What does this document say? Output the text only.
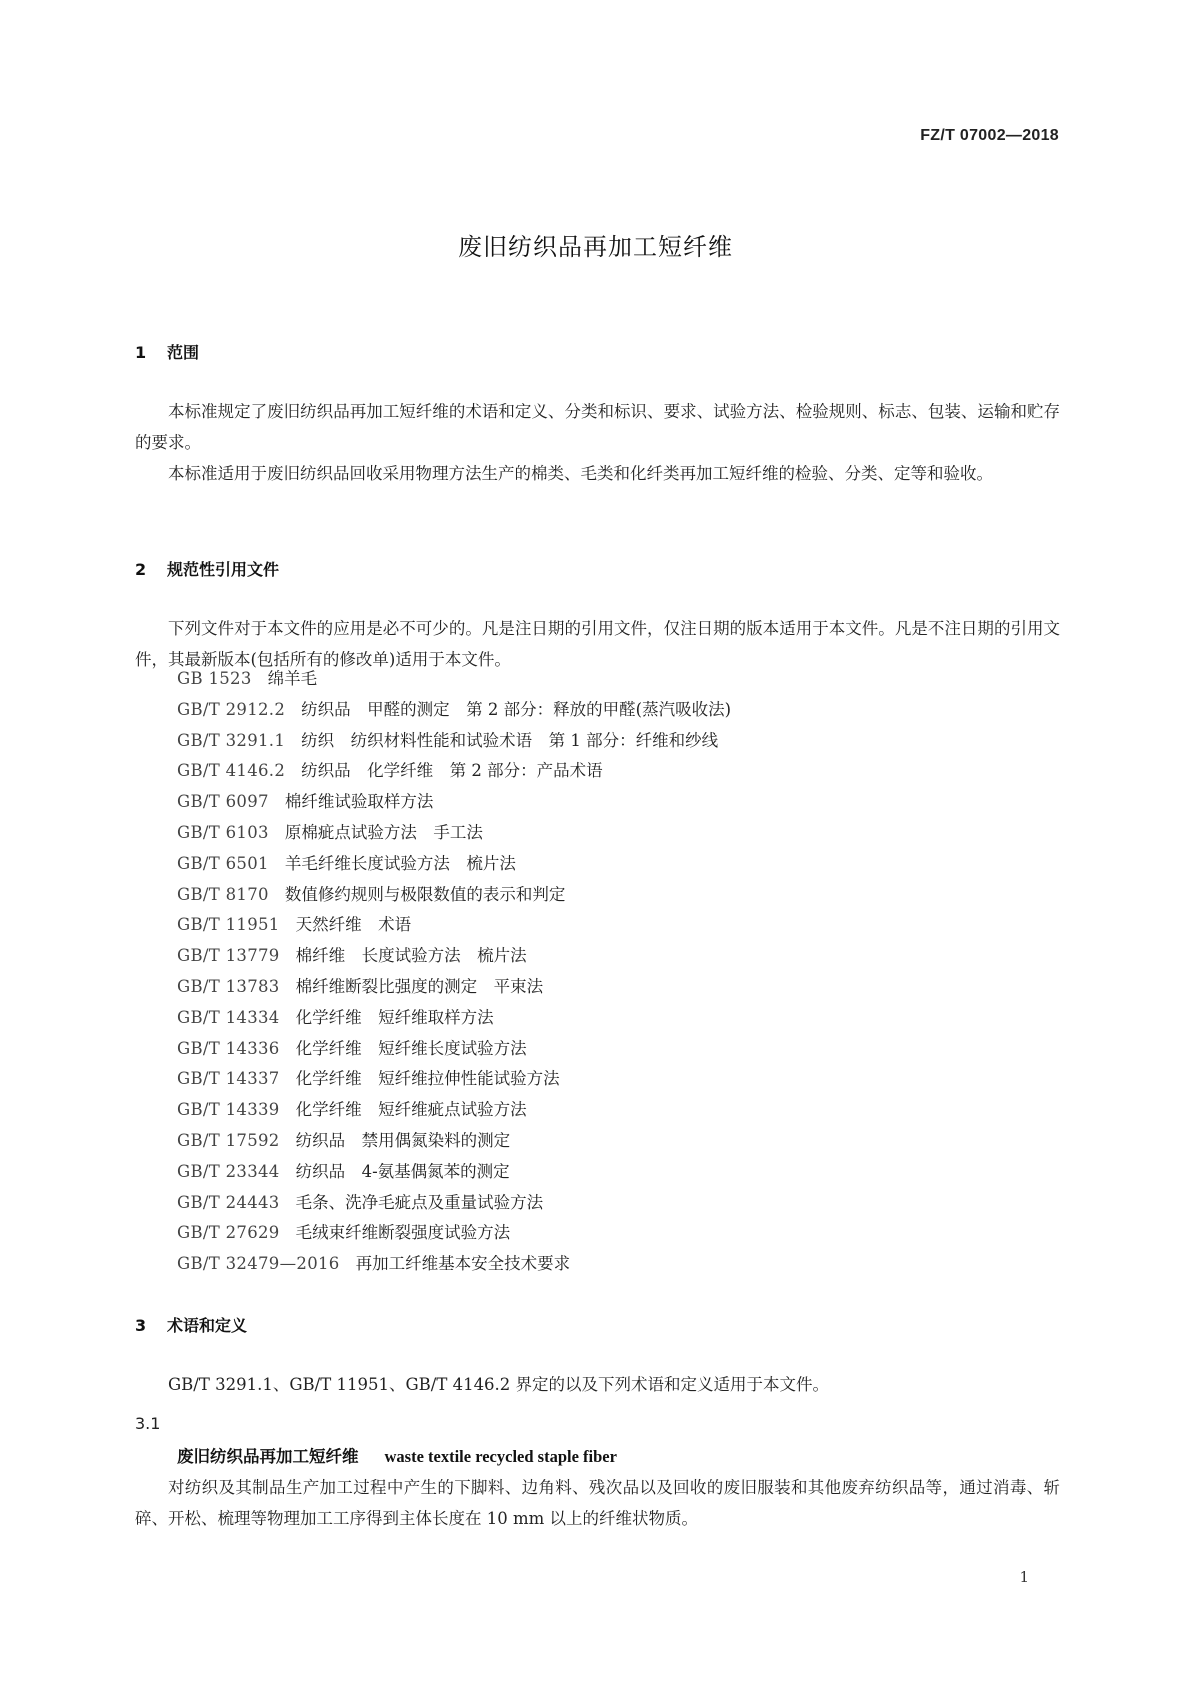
FZ/T 07002—2018
废旧纺织品再加工短纤维
1 范围
本标准规定了废旧纺织品再加工短纤维的术语和定义、分类和标识、要求、试验方法、检验规则、标志、包装、运输和贮存的要求。
本标准适用于废旧纺织品回收采用物理方法生产的棉类、毛类和化纤类再加工短纤维的检验、分类、定等和验收。
2 规范性引用文件
下列文件对于本文件的应用是必不可少的。凡是注日期的引用文件，仅注日期的版本适用于本文件。凡是不注日期的引用文件，其最新版本(包括所有的修改单)适用于本文件。
GB 1523 绵羊毛
GB/T 2912.2 纺织品　甲醛的测定　第 2 部分：释放的甲醛(蒸汽吸收法)
GB/T 3291.1 纺织　纺织材料性能和试验术语　第 1 部分：纤维和纱线
GB/T 4146.2 纺织品　化学纤维　第 2 部分：产品术语
GB/T 6097 棉纤维试验取样方法
GB/T 6103 原棉疵点试验方法　手工法
GB/T 6501 羊毛纤维长度试验方法　梳片法
GB/T 8170 数值修约规则与极限数值的表示和判定
GB/T 11951 天然纤维　术语
GB/T 13779 棉纤维　长度试验方法　梳片法
GB/T 13783 棉纤维断裂比强度的测定　平束法
GB/T 14334 化学纤维　短纤维取样方法
GB/T 14336 化学纤维　短纤维长度试验方法
GB/T 14337 化学纤维　短纤维拉伸性能试验方法
GB/T 14339 化学纤维　短纤维疵点试验方法
GB/T 17592 纺织品　禁用偶氮染料的测定
GB/T 23344 纺织品　4-氨基偶氮苯的测定
GB/T 24443 毛条、洗净毛疵点及重量试验方法
GB/T 27629 毛绒束纤维断裂强度试验方法
GB/T 32479—2016 再加工纤维基本安全技术要求
3 术语和定义
GB/T 3291.1、GB/T 11951、GB/T 4146.2 界定的以及下列术语和定义适用于本文件。
3.1
废旧纺织品再加工短纤维 waste textile recycled staple fiber
对纺织及其制品生产加工过程中产生的下脚料、边角料、残次品以及回收的废旧服装和其他废弃纺织品等，通过消毒、斩碎、开松、梳理等物理加工工序得到主体长度在 10 mm 以上的纤维状物质。
1
